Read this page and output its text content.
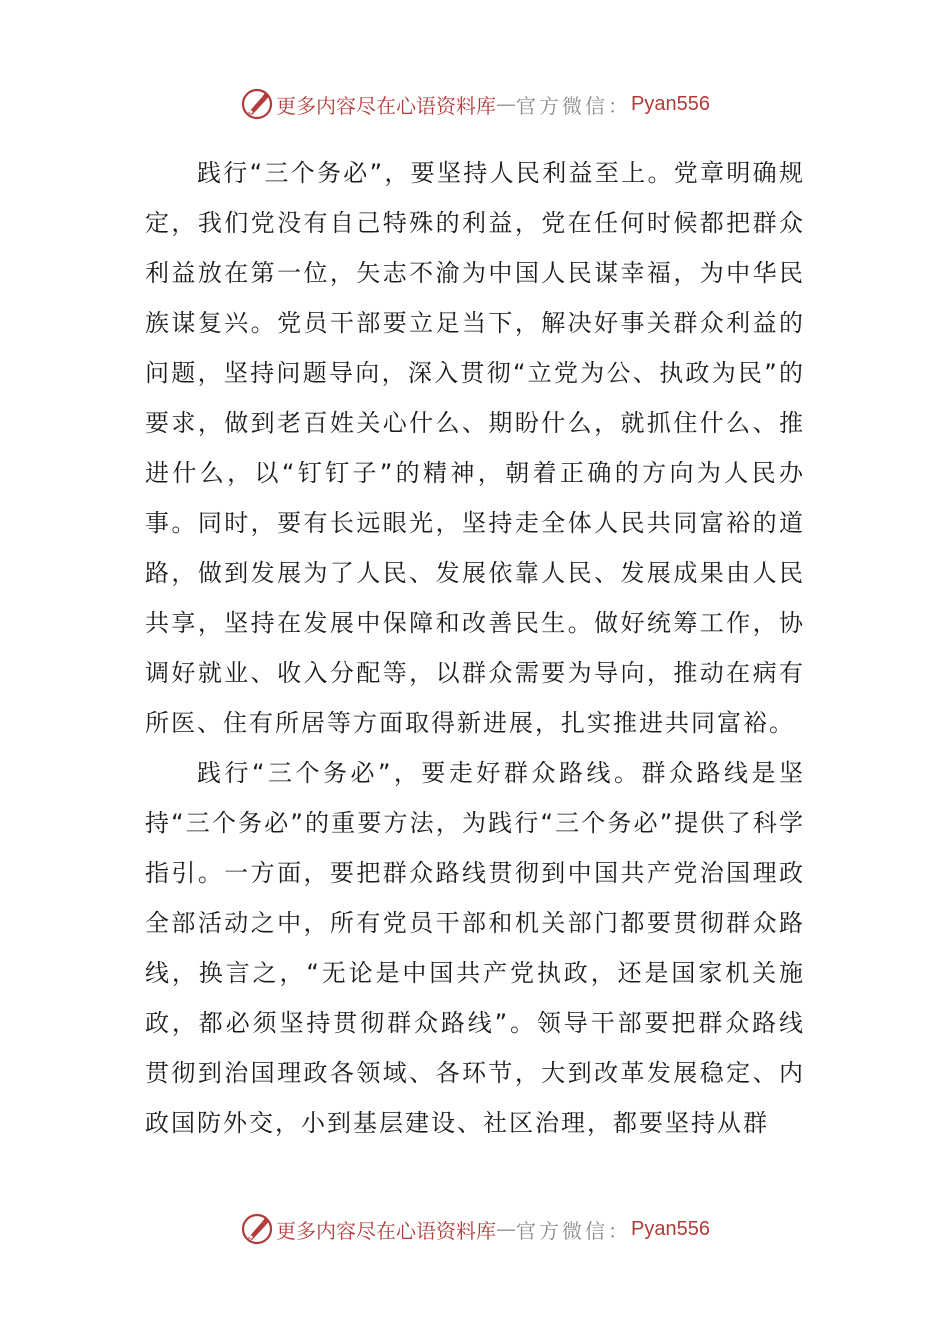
更多内容尽在心语资料库 — 官方微信： Pyan556

践行“三个务必”，要坚持人民利益至上。党章明确规定，我们党没有自己特殊的利益，党在任何时候都把群众利益放在第一位，矢志不渝为中国人民谋幸福，为中华民族谋复兴。党员干部要立足当下，解决好事关群众利益的问题，坚持问题导向，深入贯彻“立党为公、执政为民”的要求，做到老百姓关心什么、期盼什么，就抓住什么、推进什么，以“钉钉子”的精神，朝着正确的方向为人民办事。同时，要有长远眼光，坚持走全体人民共同富裕的道路，做到发展为了人民、发展依靠人民、发展成果由人民共享，坚持在发展中保障和改善民生。做好统筹工作，协调好就业、收入分配等，以群众需要为导向，推动在病有所医、住有所居等方面取得新进展，扎实推进共同富裕。

践行“三个务必”，要走好群众路线。群众路线是坚持“三个务必”的重要方法，为践行“三个务必”提供了科学指引。一方面，要把群众路线贯彻到中国共产党治国理政全部活动之中，所有党员干部和机关部门都要贯彻群众路线，换言之，“无论是中国共产党执政，还是国家机关施政，都必须坚持贯彻群众路线”。领导干部要把群众路线贯彻到治国理政各领域、各环节，大到改革发展稳定、内政国防外交，小到基层建设、社区治理，都要坚持从群

更多内容尽在心语资料库 — 官方微信： Pyan556
